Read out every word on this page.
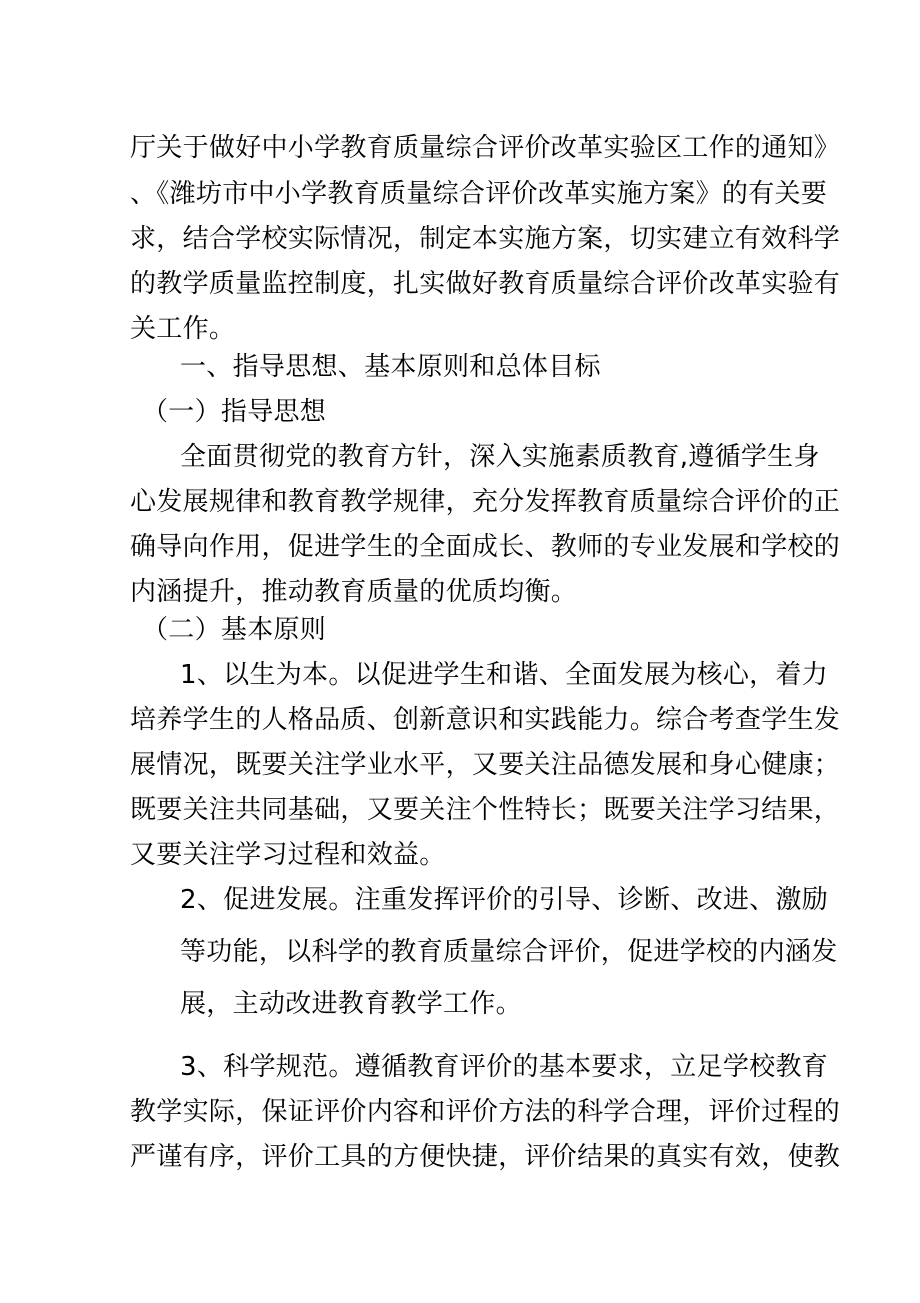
厅关于做好中小学教育质量综合评价改革实验区工作的通知》
、《潍坊市中小学教育质量综合评价改革实施方案》的有关要
求，结合学校实际情况，制定本实施方案，切实建立有效科学
的教学质量监控制度，扎实做好教育质量综合评价改革实验有
关工作。
一、指导思想、基本原则和总体目标
（一）指导思想
全面贯彻党的教育方针，深入实施素质教育,遵循学生身
心发展规律和教育教学规律，充分发挥教育质量综合评价的正
确导向作用，促进学生的全面成长、教师的专业发展和学校的
内涵提升，推动教育质量的优质均衡。
（二）基本原则
1、以生为本。以促进学生和谐、全面发展为核心，着力
培养学生的人格品质、创新意识和实践能力。综合考查学生发
展情况，既要关注学业水平，又要关注品德发展和身心健康；
既要关注共同基础，又要关注个性特长；既要关注学习结果，
又要关注学习过程和效益。
2、促进发展。注重发挥评价的引导、诊断、改进、激励
等功能，以科学的教育质量综合评价，促进学校的内涵发
展，主动改进教育教学工作。
3、科学规范。遵循教育评价的基本要求，立足学校教育
教学实际，保证评价内容和评价方法的科学合理，评价过程的
严谨有序，评价工具的方便快捷，评价结果的真实有效，使教
